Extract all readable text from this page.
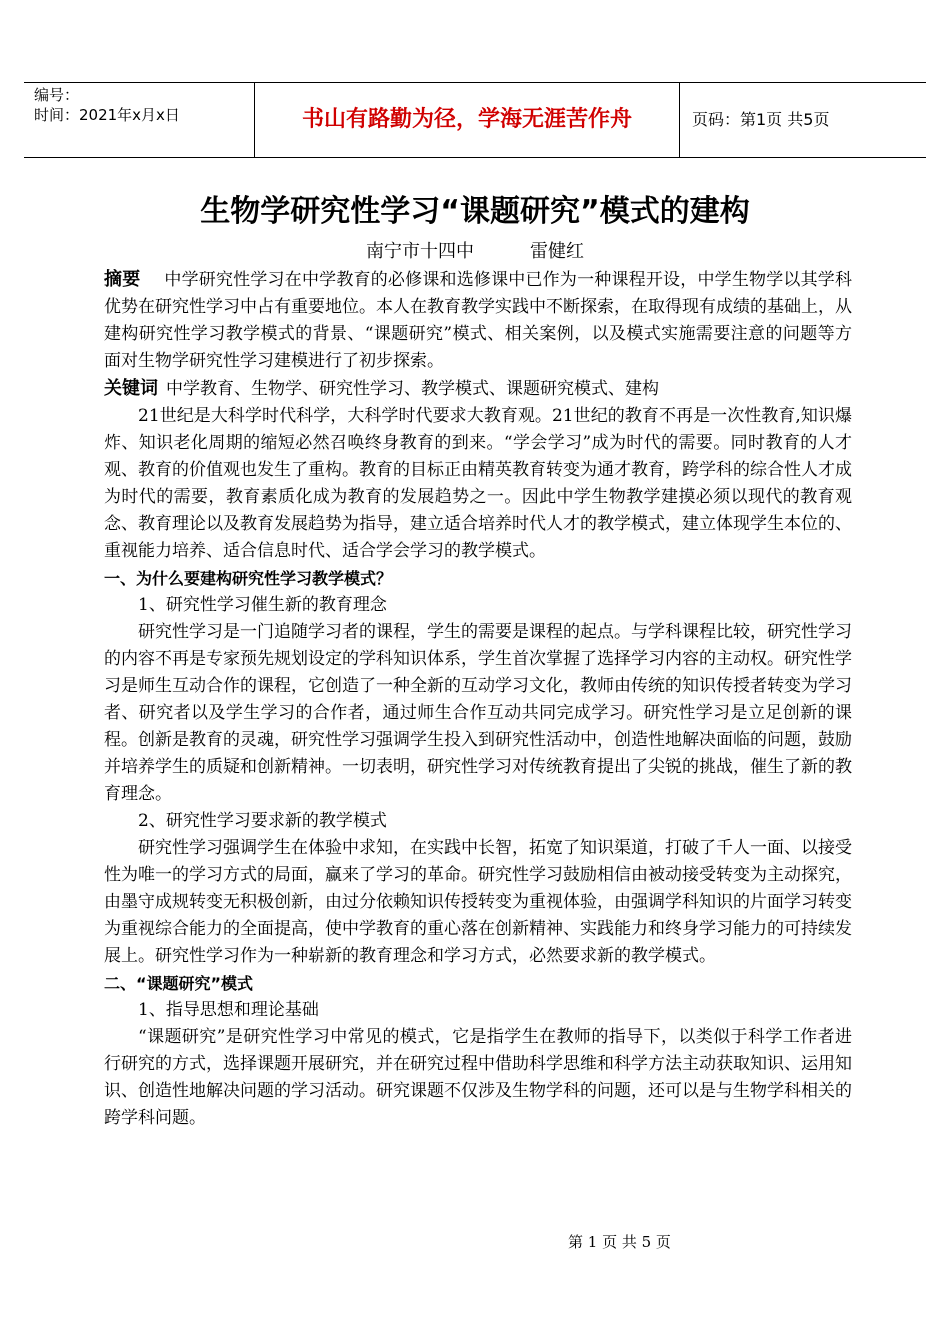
编号：
时间：2021年x月x日	书山有路勤为径，学海无涯苦作舟	页码：第1页 共5页
生物学研究性学习“课题研究”模式的建构
南宁市十四中	雷健红

摘要 中学研究性学习在中学教育的必修课和选修课中已作为一种课程开设，中学生物学以其学科优势在研究性学习中占有重要地位。本人在教育教学实践中不断探索，在取得现有成绩的基础上，从建构研究性学习教学模式的背景、“课题研究”模式、相关案例，以及模式实施需要注意的问题等方面对生物学研究性学习建模进行了初步探索。

关键词 中学教育、生物学、研究性学习、教学模式、课题研究模式、建构

21世纪是大科学时代科学，大科学时代要求大教育观。21世纪的教育不再是一次性教育,知识爆炸、知识老化周期的缩短必然召唤终身教育的到来。“学会学习”成为时代的需要。同时教育的人才观、教育的价值观也发生了重构。教育的目标正由精英教育转变为通才教育，跨学科的综合性人才成为时代的需要，教育素质化成为教育的发展趋势之一。因此中学生物教学建摸必须以现代的教育观念、教育理论以及教育发展趋势为指导，建立适合培养时代人才的教学模式，建立体现学生本位的、重视能力培养、适合信息时代、适合学会学习的教学模式。

一、为什么要建构研究性学习教学模式？

1、研究性学习催生新的教育理念

研究性学习是一门追随学习者的课程，学生的需要是课程的起点。与学科课程比较，研究性学习的内容不再是专家预先规划设定的学科知识体系，学生首次掌握了选择学习内容的主动权。研究性学习是师生互动合作的课程，它创造了一种全新的互动学习文化，教师由传统的知识传授者转变为学习者、研究者以及学生学习的合作者，通过师生合作互动共同完成学习。研究性学习是立足创新的课程。创新是教育的灵魂，研究性学习强调学生投入到研究性活动中，创造性地解决面临的问题，鼓励并培养学生的质疑和创新精神。一切表明，研究性学习对传统教育提出了尖锐的挑战，催生了新的教育理念。

2、研究性学习要求新的教学模式

研究性学习强调学生在体验中求知，在实践中长智，拓宽了知识渠道，打破了千人一面、以接受性为唯一的学习方式的局面，赢来了学习的革命。研究性学习鼓励相信由被动接受转变为主动探究，由墨守成规转变无积极创新，由过分依赖知识传授转变为重视体验，由强调学科知识的片面学习转变为重视综合能力的全面提高，使中学教育的重心落在创新精神、实践能力和终身学习能力的可持续发展上。研究性学习作为一种崭新的教育理念和学习方式，必然要求新的教学模式。

二、“课题研究”模式

1、指导思想和理论基础

“课题研究”是研究性学习中常见的模式，它是指学生在教师的指导下，以类似于科学工作者进行研究的方式，选择课题开展研究，并在研究过程中借助科学思维和科学方法主动获取知识、运用知识、创造性地解决问题的学习活动。研究课题不仅涉及生物学科的问题，还可以是与生物学科相关的跨学科问题。

第 1 页 共 5 页
